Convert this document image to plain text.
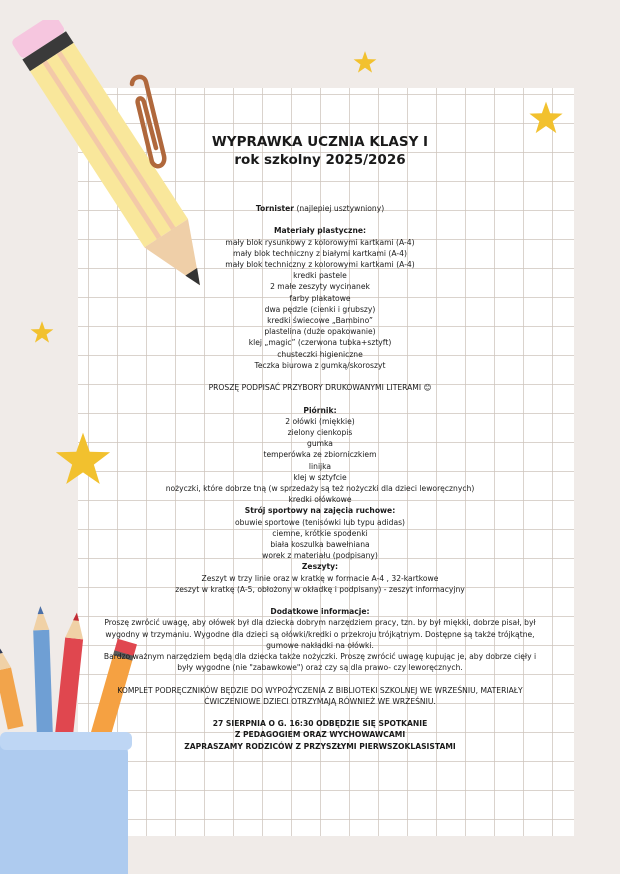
WYPRAWKA UCZNIA KLASY I
rok szkolny 2025/2026
Tornister (najlepiej usztywniony)
Materiały plastyczne:
mały blok rysunkowy z kolorowymi kartkami (A-4)
mały blok techniczny z białymi kartkami (A-4)
mały blok techniczny z kolorowymi kartkami (A-4)
kredki pastele
2 małe zeszyty wycinanek
farby plakatowe
dwa pędzle (cienki i grubszy)
kredki świecowe „Bambino”
plastelina (duże opakowanie)
klej „magic” (czerwona tubka+sztyft)
chusteczki higieniczne
Teczka biurowa z gumką/skoroszyt
PROSZĘ PODPISAĆ PRZYBORY DRUKOWANYMI LITERAMI 😊
Piórnik:
2 ołówki (miękkie)
zielony cienkopis
gumka
temperówka ze zbiorniczkiem
linijka
klej w sztyfcie
nożyczki, które dobrze tną (w sprzedaży są też nożyczki dla dzieci leworęcznych)
kredki ołówkowe
Strój sportowy na zajęcia ruchowe:
obuwie sportowe (tenisówki lub typu adidas)
ciemne, krótkie spodenki
biała koszulka bawełniana
worek z materiału (podpisany)
Zeszyty:
Zeszyt w trzy linie oraz w kratkę w formacie A-4 , 32-kartkowe
zeszyt w kratkę (A-5, obłożony w okładkę i podpisany) - zeszyt informacyjny
Dodatkowe informacje:
Proszę zwrócić uwagę, aby ołówek był dla dziecka dobrym narzędziem pracy, tzn. by był miękki, dobrze pisał, był wygodny w trzymaniu. Wygodne dla dzieci są ołówki/kredki o przekroju trójkątnym. Dostępne są także trójkątne, gumowe nakładki na ołówki.
Bardzo ważnym narzędziem będą dla dziecka także nożyczki. Proszę zwrócić uwagę kupując je, aby dobrze cięły i były wygodne (nie "zabawkowe") oraz czy są dla prawo- czy leworęcznych.
KOMPLET PODRĘCZNIKÓW BĘDZIE DO WYPOŻYCZENIA Z BIBLIOTEKI SZKOLNEJ WE WRZEŚNIU, MATERIAŁY ĆWICZENIOWE DZIECI OTRZYMAJĄ RÓWNIEŻ WE WRZEŚNIU.
27 SIERPNIA O G. 16:30 ODBĘDZIE SIĘ SPOTKANIE
Z PEDAGOGIEM ORAZ WYCHOWAWCAMI
ZAPRASZAMY RODZICÓW Z PRZYSZŁYMI PIERWSZOKLASISTAMI
